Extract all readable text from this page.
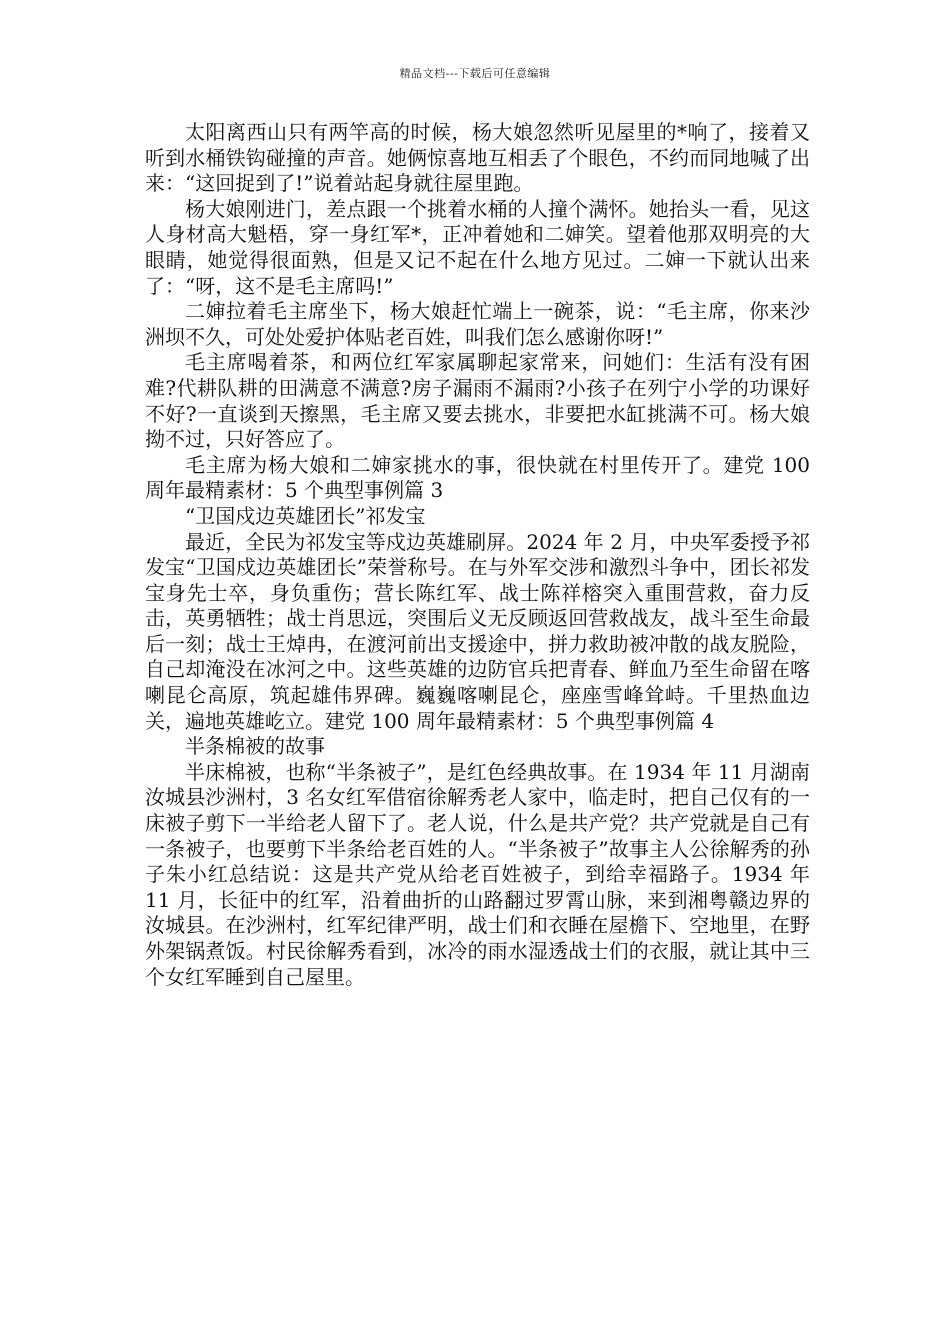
精品文档---下载后可任意编辑

太阳离西山只有两竿高的时候，杨大娘忽然听见屋里的*响了，接着又听到水桶铁钩碰撞的声音。她俩惊喜地互相丢了个眼色，不约而同地喊了出来：“这回捉到了!”说着站起身就往屋里跑。

杨大娘刚进门，差点跟一个挑着水桶的人撞个满怀。她抬头一看，见这人身材高大魁梧，穿一身红军*，正冲着她和二婶笑。望着他那双明亮的大眼睛，她觉得很面熟，但是又记不起在什么地方见过。二婶一下就认出来了：“呀，这不是毛主席吗!”

二婶拉着毛主席坐下，杨大娘赶忙端上一碗茶，说：“毛主席，你来沙洲坝不久，可处处爱护体贴老百姓，叫我们怎么感谢你呀!”

毛主席喝着茶，和两位红军家属聊起家常来，问她们：生活有没有困难?代耕队耕的田满意不满意?房子漏雨不漏雨?小孩子在列宁小学的功课好不好?一直谈到天擦黑，毛主席又要去挑水，非要把水缸挑满不可。杨大娘拗不过，只好答应了。

毛主席为杨大娘和二婶家挑水的事，很快就在村里传开了。建党 100 周年最精素材：5 个典型事例篇 3

“卫国戍边英雄团长”祁发宝

最近，全民为祁发宝等戍边英雄刷屏。2024 年 2 月，中央军委授予祁发宝“卫国戍边英雄团长”荣誉称号。在与外军交涉和激烈斗争中，团长祁发宝身先士卒，身负重伤；营长陈红军、战士陈祥榕突入重围营救，奋力反击，英勇牺牲；战士肖思远，突围后义无反顾返回营救战友，战斗至生命最后一刻；战士王焯冉，在渡河前出支援途中，拼力救助被冲散的战友脱险，自己却淹没在冰河之中。这些英雄的边防官兵把青春、鲜血乃至生命留在喀喇昆仑高原，筑起雄伟界碑。巍巍喀喇昆仑，座座雪峰耸峙。千里热血边关，遍地英雄屹立。建党 100 周年最精素材：5 个典型事例篇 4

半条棉被的故事

半床棉被，也称“半条被子”，是红色经典故事。在 1934 年 11 月湖南汝城县沙洲村，3 名女红军借宿徐解秀老人家中，临走时，把自己仅有的一床被子剪下一半给老人留下了。老人说，什么是共产党？共产党就是自己有一条被子，也要剪下半条给老百姓的人。“半条被子”故事主人公徐解秀的孙子朱小红总结说：这是共产党从给老百姓被子，到给幸福路子。1934 年 11 月，长征中的红军，沿着曲折的山路翻过罗霄山脉，来到湘粤赣边界的汝城县。在沙洲村，红军纪律严明，战士们和衣睡在屋檐下、空地里，在野外架锅煮饭。村民徐解秀看到，冰冷的雨水湿透战士们的衣服，就让其中三个女红军睡到自己屋里。
